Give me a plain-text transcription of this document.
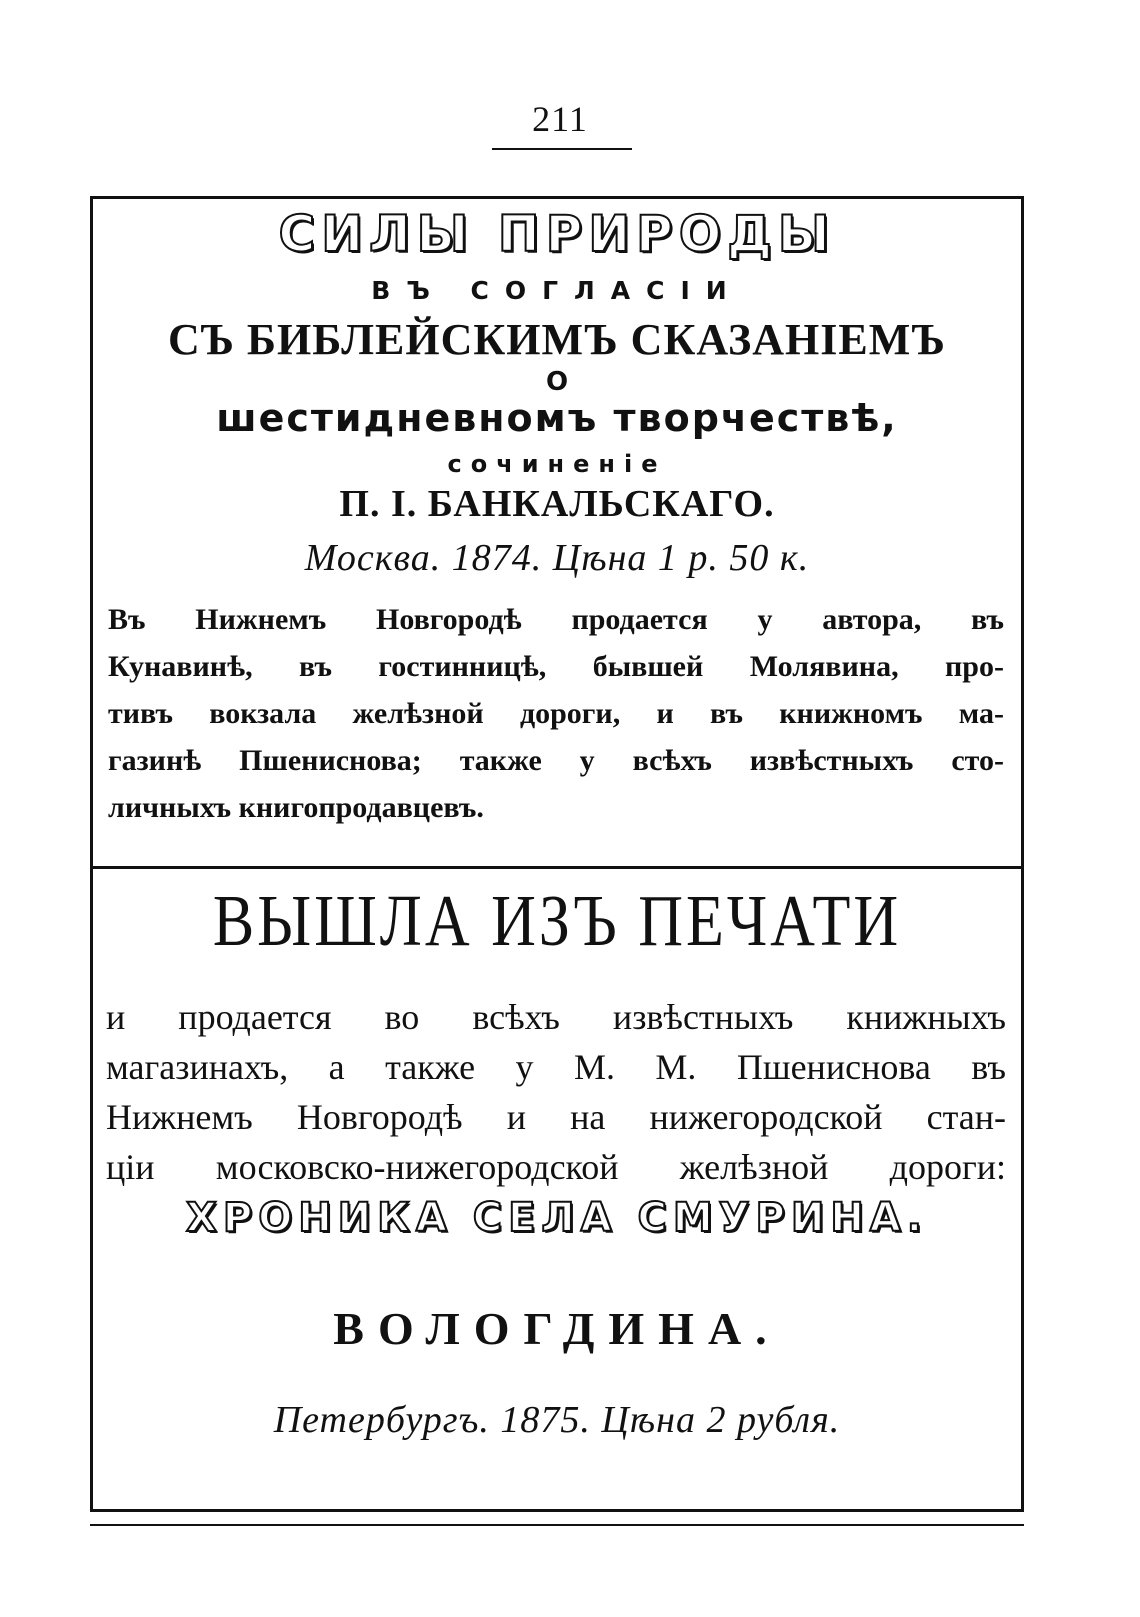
211
СИЛЫ ПРИРОДЫ
ВЪ СОГЛАСІИ
СЪ БИБЛЕЙСКИМЪ СКАЗАНІЕМЪ
О
шестидневномъ творчествѣ,
сочиненіе
П. І. БАНКАЛЬСКАГО.
Москва. 1874. Цѣна 1 р. 50 к.
Въ Нижнемъ Новгородѣ продается у автора, въ
Кунавинѣ, въ гостинницѣ, бывшей Молявина, про-
тивъ вокзала желѣзной дороги, и въ книжномъ ма-
газинѣ Пшениснова; также у всѣхъ извѣстныхъ сто-
личныхъ книгопродавцевъ.
ВЫШЛА ИЗЪ ПЕЧАТИ
и продается во всѣхъ извѣстныхъ книжныхъ
магазинахъ, а также у М. М. Пшениснова въ
Нижнемъ Новгородѣ и на нижегородской стан-
ціи московско-нижегородской желѣзной дороги:
ХРОНИКА СЕЛА СМУРИНА.
ВОЛОГДИНА.
Петербургъ. 1875. Цѣна 2 рубля.
